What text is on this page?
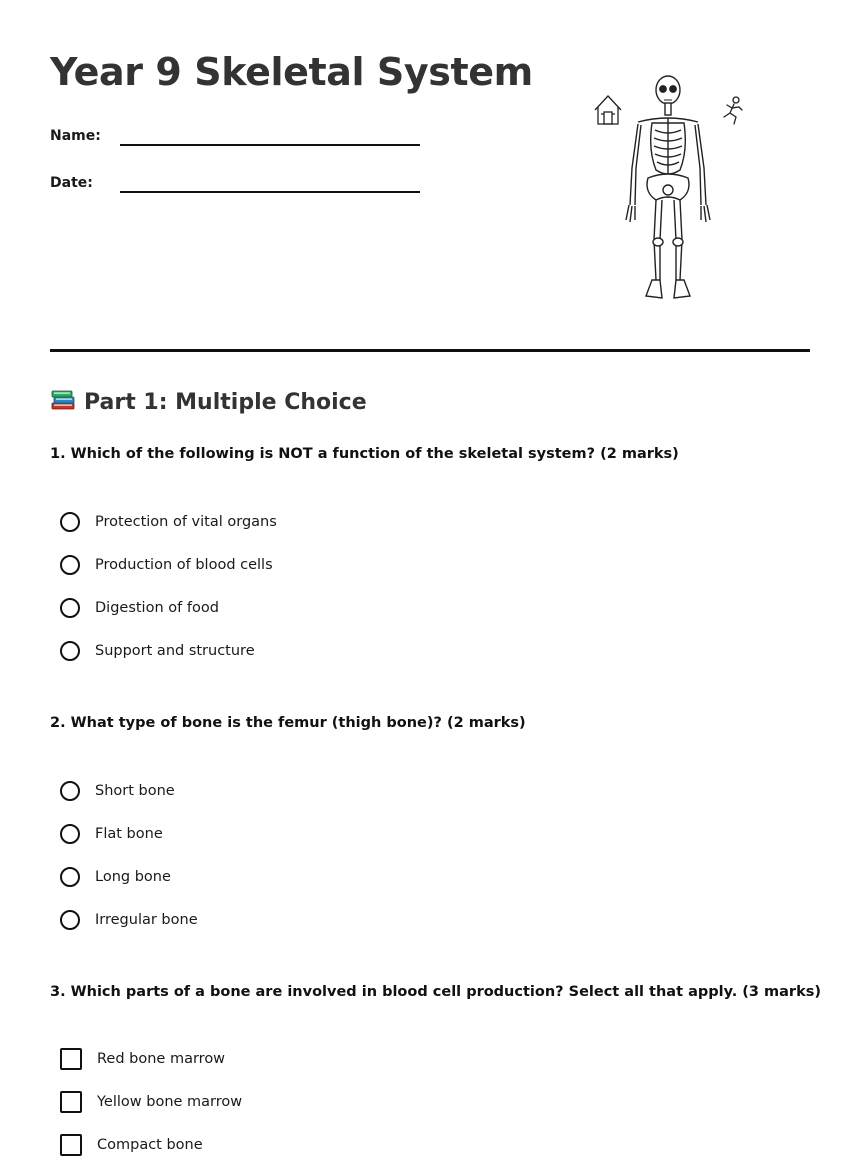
Year 9 Skeletal System
Name:
Date:
Part 1: Multiple Choice

1. Which of the following is NOT a function of the skeletal system? (2 marks)

Protection of vital organs
Production of blood cells
Digestion of food
Support and structure

2. What type of bone is the femur (thigh bone)? (2 marks)

Short bone
Flat bone
Long bone
Irregular bone

3. Which parts of a bone are involved in blood cell production? Select all that apply. (3 marks)

Red bone marrow
Yellow bone marrow
Compact bone
